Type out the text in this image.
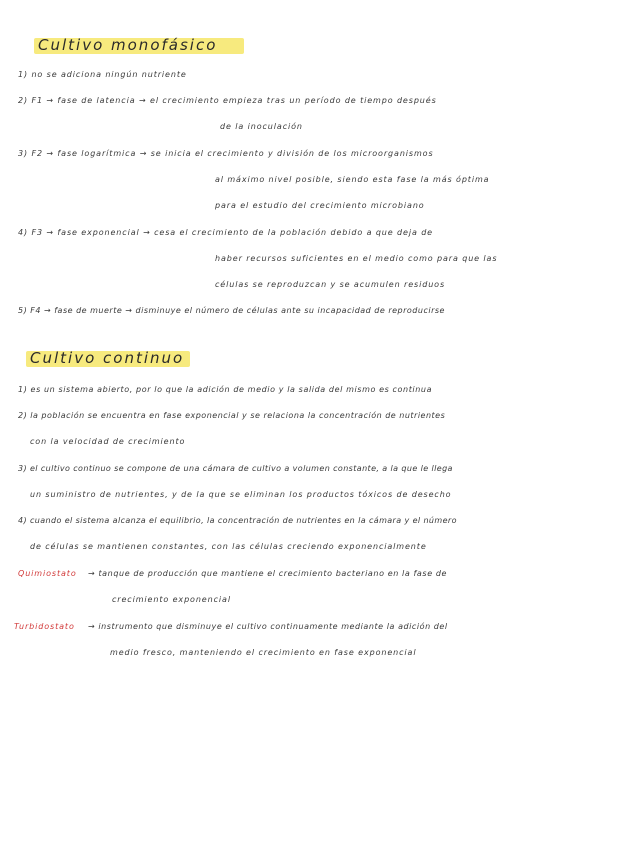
Cultivo monofásico
1) no se adiciona ningún nutriente
2) F1 → fase de latencia → el crecimiento empieza tras un período de tiempo después
de la inoculación
3) F2 → fase logarítmica → se inicia el crecimiento y división de los microorganismos
al máximo nivel posible, siendo esta fase la más óptima
para el estudio del crecimiento microbiano
4) F3 → fase exponencial → cesa el crecimiento de la población debido a que deja de
haber recursos suficientes en el medio como para que las
células se reproduzcan y se acumulen residuos
5) F4 → fase de muerte → disminuye el número de células ante su incapacidad de reproducirse
Cultivo continuo
1) es un sistema abierto, por lo que la adición de medio y la salida del mismo es continua
2) la población se encuentra en fase exponencial y se relaciona la concentración de nutrientes
con la velocidad de crecimiento
3) el cultivo continuo se compone de una cámara de cultivo a volumen constante, a la que le llega
un suministro de nutrientes, y de la que se eliminan los productos tóxicos de desecho
4) cuando el sistema alcanza el equilibrio, la concentración de nutrientes en la cámara y el número
de células se mantienen constantes, con las células creciendo exponencialmente
Quimiostato → tanque de producción que mantiene el crecimiento bacteriano en la fase de
crecimiento exponencial
Turbidostato → instrumento que disminuye el cultivo continuamente mediante la adición del
medio fresco, manteniendo el crecimiento en fase exponencial
